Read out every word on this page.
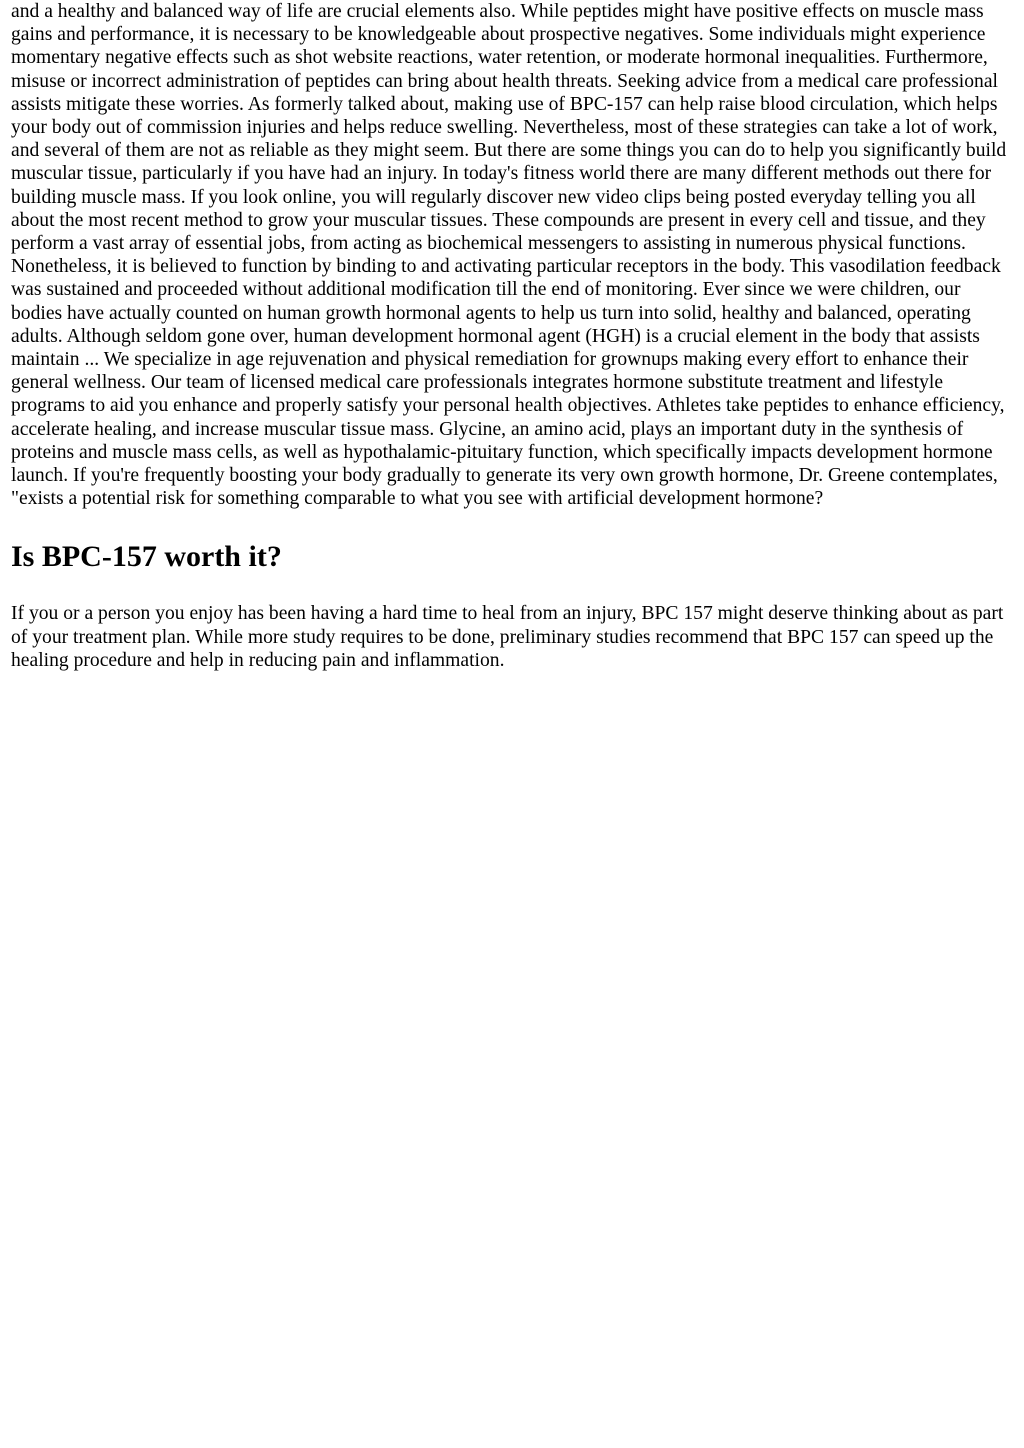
and a healthy and balanced way of life are crucial elements also. While peptides might have positive effects on muscle mass gains and performance, it is necessary to be knowledgeable about prospective negatives. Some individuals might experience momentary negative effects such as shot website reactions, water retention, or moderate hormonal inequalities. Furthermore, misuse or incorrect administration of peptides can bring about health threats. Seeking advice from a medical care professional assists mitigate these worries. As formerly talked about, making use of BPC-157 can help raise blood circulation, which helps your body out of commission injuries and helps reduce swelling. Nevertheless, most of these strategies can take a lot of work, and several of them are not as reliable as they might seem. But there are some things you can do to help you significantly build muscular tissue, particularly if you have had an injury. In today's fitness world there are many different methods out there for building muscle mass. If you look online, you will regularly discover new video clips being posted everyday telling you all about the most recent method to grow your muscular tissues. These compounds are present in every cell and tissue, and they perform a vast array of essential jobs, from acting as biochemical messengers to assisting in numerous physical functions. Nonetheless, it is believed to function by binding to and activating particular receptors in the body. This vasodilation feedback was sustained and proceeded without additional modification till the end of monitoring. Ever since we were children, our bodies have actually counted on human growth hormonal agents to help us turn into solid, healthy and balanced, operating adults. Although seldom gone over, human development hormonal agent (HGH) is a crucial element in the body that assists maintain ... We specialize in age rejuvenation and physical remediation for grownups making every effort to enhance their general wellness. Our team of licensed medical care professionals integrates hormone substitute treatment and lifestyle programs to aid you enhance and properly satisfy your personal health objectives. Athletes take peptides to enhance efficiency, accelerate healing, and increase muscular tissue mass. Glycine, an amino acid, plays an important duty in the synthesis of proteins and muscle mass cells, as well as hypothalamic-pituitary function, which specifically impacts development hormone launch. If you're frequently boosting your body gradually to generate its very own growth hormone, Dr. Greene contemplates, "exists a potential risk for something comparable to what you see with artificial development hormone?

Is BPC-157 worth it?

If you or a person you enjoy has been having a hard time to heal from an injury, BPC 157 might deserve thinking about as part of your treatment plan. While more study requires to be done, preliminary studies recommend that BPC 157 can speed up the healing procedure and help in reducing pain and inflammation.
